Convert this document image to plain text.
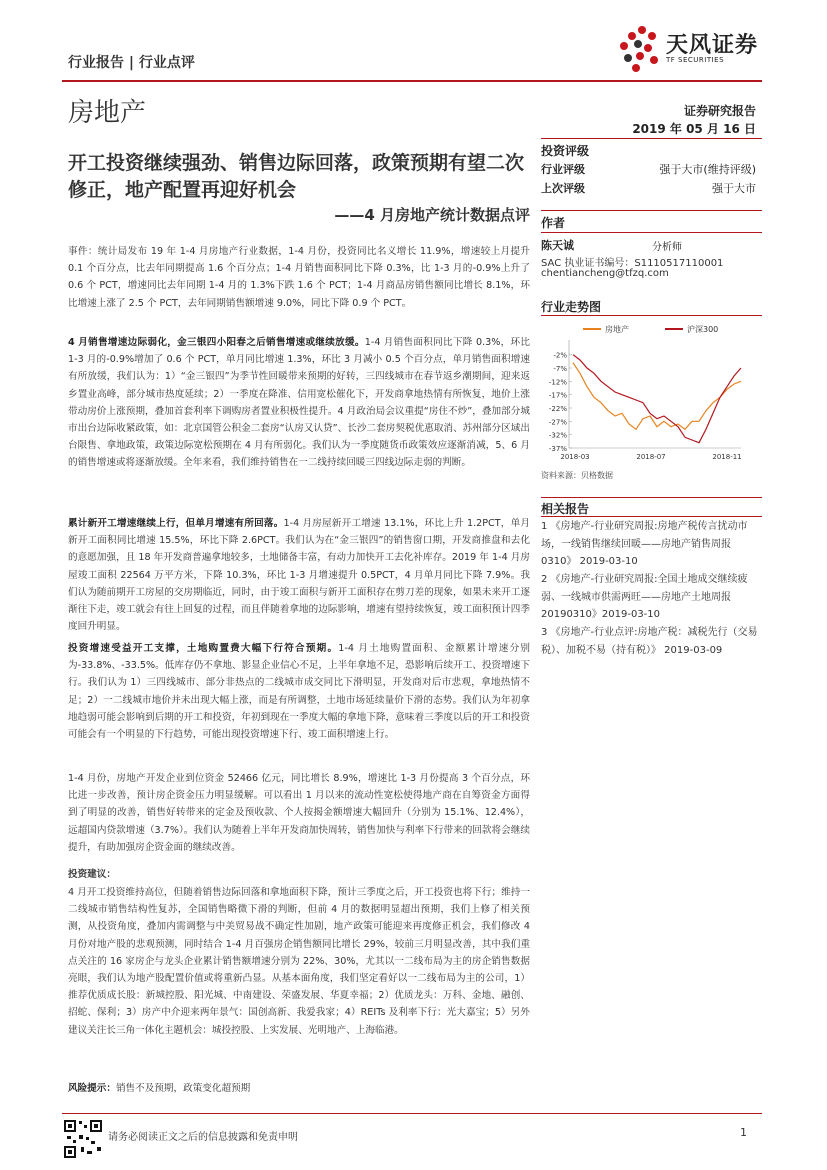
行业报告 | 行业点评
天风证券
TF SECURITIES
房地产	证券研究报告
2019 年 05 月 16 日
开工投资继续强劲、销售边际回落，政策预期有望二次修正，地产配置再迎好机会
——4 月房地产统计数据点评
投资评级
行业评级	强于大市(维持评级)
上次评级	强于大市
作者
陈天诚	分析师
SAC 执业证书编号：S1110517110001
chentiancheng@tfzq.com
行业走势图
房地产	沪深300
-37%
-32%
-27%
-22%
-17%
-12%
-7%
-2%
2018-03	2018-07	2018-11
资料来源：贝格数据
相关报告
1 《房地产-行业研究周报:房地产税传言扰动市场，一线销售继续回暖——房地产销售周报 0310》 2019-03-10
2 《房地产-行业研究周报:全国土地成交继续疲弱、一线城市供需两旺——房地产土地周报 20190310》2019-03-10
3 《房地产-行业点评:房地产税：减税先行（交易税）、加税不易（持有税）》 2019-03-09
事件：统计局发布 19 年 1-4 月房地产行业数据，1-4 月份，投资同比名义增长 11.9%，增速较上月提升 0.1 个百分点，比去年同期提高 1.6 个百分点；1-4 月销售面积同比下降 0.3%，比 1-3 月的-0.9%上升了 0.6 个 PCT，增速同比去年同期 1-4 月的 1.3%下跌 1.6 个 PCT；1-4 月商品房销售额同比增长 8.1%，环比增速上涨了 2.5 个 PCT，去年同期销售额增速 9.0%，同比下降 0.9 个 PCT。
4 月销售增速边际弱化，金三银四小阳春之后销售增速或继续放缓。1-4 月销售面积同比下降 0.3%，环比 1-3 月的-0.9%增加了 0.6 个 PCT，单月同比增速 1.3%，环比 3 月减小 0.5 个百分点，单月销售面积增速有所放缓，我们认为：1）“金三银四”为季节性回暖带来预期的好转，三四线城市在春节返乡潮期间，迎来返乡置业高峰，部分城市热度延续；2）一季度在降准、信用宽松催化下，开发商拿地热情有所恢复，地价上涨带动房价上涨预期，叠加首套利率下调购房者置业积极性提升。4 月政治局会议重提“房住不炒”，叠加部分城市出台边际收紧政策，如：北京国管公积金二套房“认房又认贷”、长沙二套房契税优惠取消、苏州部分区域出台限售、拿地政策，政策边际宽松预期在 4 月有所弱化。我们认为一季度随货币政策效应逐渐消减，5、6 月的销售增速或将逐渐放缓。全年来看，我们维持销售在一二线持续回暖三四线边际走弱的判断。
累计新开工增速继续上行，但单月增速有所回落。1-4 月房屋新开工增速 13.1%，环比上升 1.2PCT，单月新开工面积同比增速 15.5%，环比下降 2.6PCT。我们认为在“金三银四”的销售窗口期，开发商推盘和去化的意愿加强，且 18 年开发商普遍拿地较多，土地储备丰富，有动力加快开工去化补库存。2019 年 1-4 月房屋竣工面积 22564 万平方米，下降 10.3%，环比 1-3 月增速提升 0.5PCT，4 月单月同比下降 7.9%。我们认为随前期开工房屋的交房期临近，同时，由于竣工面积与新开工面积存在剪刀差的现象，如果未来开工逐渐往下走，竣工就会有往上回复的过程，而且伴随着拿地的边际影响，增速有望持续恢复，竣工面积预计四季度回升明显。
投资增速受益开工支撑，土地购置费大幅下行符合预期。1-4 月土地购置面积、金额累计增速分别为-33.8%、-33.5%。低库存仍不拿地、影显企业信心不足，上半年拿地不足，恐影响后续开工、投资增速下行。我们认为 1）三四线城市、部分非热点的二线城市成交同比下滑明显，开发商对后市悲观，拿地热情不足；2）一二线城市地价并未出现大幅上涨，而是有所调整，土地市场延续量价下滑的态势。我们认为年初拿地趋弱可能会影响到后期的开工和投资，年初到现在一季度大幅的拿地下降，意味着三季度以后的开工和投资可能会有一个明显的下行趋势，可能出现投资增速下行、竣工面积增速上行。
1-4 月份，房地产开发企业到位资金 52466 亿元，同比增长 8.9%，增速比 1-3 月份提高 3 个百分点，环比进一步改善，预计房企资金压力明显缓解。可以看出 1 月以来的流动性宽松使得地产商在自筹资金方面得到了明显的改善，销售好转带来的定金及预收款、个人按揭金额增速大幅回升（分别为 15.1%、12.4%），远超国内贷款增速（3.7%）。我们认为随着上半年开发商加快周转，销售加快与利率下行带来的回款将会继续提升，有助加强房企资金面的继续改善。
投资建议：
4 月开工投资维持高位，但随着销售边际回落和拿地面积下降，预计三季度之后，开工投资也将下行；维持一二线城市销售结构性复苏，全国销售略微下滑的判断，但前 4 月的数据明显超出预期，我们上修了相关预测，从投资角度，叠加内需调整与中美贸易战不确定性加剧，地产政策可能迎来再度修正机会，我们修改 4 月份对地产股的悲观预测，同时结合 1-4 月百强房企销售额同比增长 29%，较前三月明显改善，其中我们重点关注的 16 家房企与龙头企业累计销售额增速分别为 22%、30%，尤其以一二线布局为主的房企销售数据亮眼，我们认为地产股配置价值或将重新凸显。从基本面角度，我们坚定看好以一二线布局为主的公司，1）推荐优质成长股：新城控股、阳光城、中南建设、荣盛发展、华夏幸福；2）优质龙头：万科、金地、融创、招蛇、保利；3）房产中介迎来两年景气：国创高新、我爱我家；4）REITs 及利率下行：光大嘉宝；5）另外建议关注长三角一体化主题机会：城投控股、上实发展、光明地产、上海临港。
风险提示：销售不及预期，政策变化超预期
请务必阅读正文之后的信息披露和免责申明	1
